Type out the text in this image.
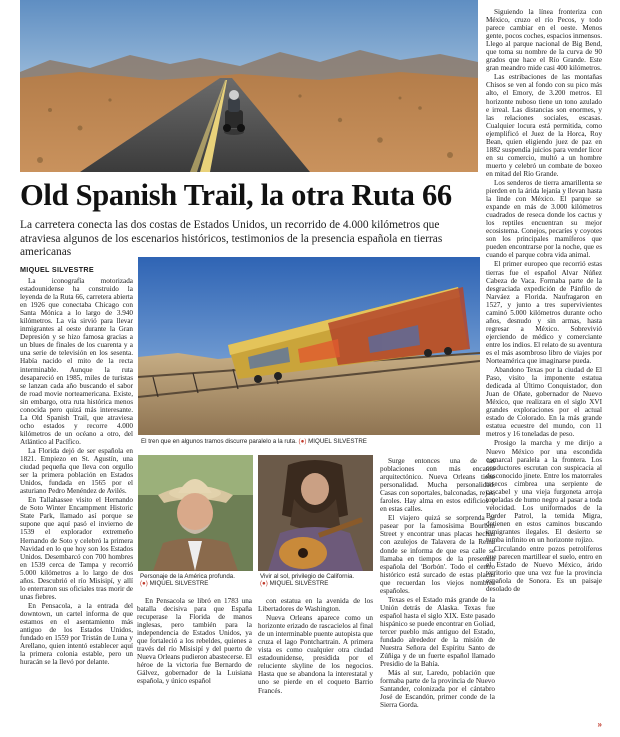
Old Spanish Trail, la otra Ruta 66

La carretera conecta las dos costas de Estados Unidos, un recorrido de 4.000 kilómetros que atraviesa algunos de los escenarios históricos, testimonios de la presencia española en tierras americanas

MIQUEL SILVESTRE

La iconografía motorizada estadounidense ha construido la leyenda de la Ruta 66, carretera abierta en 1926 que conectaba Chicago con Santa Mónica a lo largo de 3.940 kilómetros. La vía sirvió para llevar inmigrantes al oeste durante la Gran Depresión y se hizo famosa gracias a un blues de finales de los cuarenta y a una serie de televisión en los sesenta. Había nacido el mito de la recta interminable. Aunque la ruta desapareció en 1985, miles de turistas se lanzan cada año buscando el sabor de road movie norteamericana. Existe, sin embargo, otra ruta histórica menos conocida pero quizá más interesante. La Old Spanish Trail, que atraviesa ocho estados y recorre 4.000 kilómetros de un océano a otro, del Atlántico al Pacífico.

La Florida dejó de ser española en 1821. Empiezo en St. Agustín, una ciudad pequeña que lleva con orgullo ser la primera población en Estados Unidos, fundada en 1565 por el asturiano Pedro Menéndez de Avilés.

En Tallahassee visito el Hernando de Soto Winter Encampment Historic State Park, llamado así porque se supone que aquí pasó el invierno de 1539 el explorador extremeño Hernando de Soto y celebró la primera Navidad en lo que hoy son los Estados Unidos. Desembarcó con 700 hombres en 1539 cerca de Tampa y recorrió 5.000 kilómetros a lo largo de dos años. Descubrió el río Misisipí, y allí lo enterraron sus oficiales tras morir de unas fiebres.

En Pensacola, a la entrada del downtown, un cartel informa de que estamos en el asentamiento más antiguo de los Estados Unidos, fundado en 1559 por Tristán de Luna y Arellano, quien intentó establecer aquí la primera colonia estable, pero un huracán se la llevó por delante.

El tren que en algunos tramos discurre paralelo a la ruta. (●) MIQUEL SILVESTRE
Personaje de la América profunda.
(●) MIQUEL SILVESTRE
Vivir al sol, privilegio de California.
(●) MIQUEL SILVESTRE

En Pensacola se libró en 1783 una batalla decisiva para que España recuperase la Florida de manos inglesas, pero también para la independencia de Estados Unidos, ya que fortaleció a los rebeldes, quienes a través del río Misisipí y del puerto de Nueva Orleans pudieron abastecerse. El héroe de la victoria fue Bernardo de Gálvez, gobernador de la Luisiana española, y único español

con estatua en la avenida de los Libertadores de Washington.

Nueva Orleans aparece como un horizonte erizado de rascacielos al final de un interminable puente autopista que cruza el lago Pontchartrain. A primera vista es como cualquier otra ciudad estadounidense, presidida por el reluciente skyline de los negocios. Hasta que se abandona la interestatal y uno se pierde en el coqueto Barrio Francés.

Surge entonces una de las poblaciones con más encanto arquitectónico. Nueva Orleans tiene personalidad. Mucha personalidad. Casas con soportales, balconadas, rejas, faroles. Hay alma en estos edificios y en estas calles.

El viajero quizá se sorprenda al pasear por la famosísima Bourbon Street y encontrar unas placas hechas con azulejos de Talavera de la Reina donde se informa de que esa calle se llamaba en tiempos de la presencia española del 'Borbón'. Todo el centro histórico está surcado de estas placas que recuerdan los viejos nombres españoles.

Texas es el Estado más grande de la Unión detrás de Alaska. Texas fue español hasta el siglo XIX. Este pasado hispánico se puede encontrar en Goliad, tercer pueblo más antiguo del Estado, fundado alrededor de la misión de Nuestra Señora del Espíritu Santo de Zúñiga y de un fuerte español llamado Presidio de la Bahía.

Más al sur, Laredo, población que formaba parte de la provincia de Nuevo Santander, colonizada por el cántabro José de Escandón, primer conde de la Sierra Gorda.

Siguiendo la línea fronteriza con México, cruzo el río Pecos, y todo parece cambiar en el oeste. Menos gente, pocos coches, espacios inmensos. Llego al parque nacional de Big Bend, que toma su nombre de la curva de 90 grados que hace el Río Grande. Este gran meandro mide casi 400 kilómetros.

Las estribaciones de las montañas Chisos se ven al fondo con su pico más alto, el Emory, de 3.200 metros. El horizonte nuboso tiene un tono azulado e irreal. Las distancias son enormes, y las relaciones sociales, escasas. Cualquier locura está permitida, como ejemplificó el Juez de la Horca, Roy Bean, quien eligiendo juez de paz en 1882 suspendía juicios para vender licor en su comercio, multó a un hombre muerto y celebró un combate de boxeo en mitad del Río Grande.

Los senderos de tierra amarillenta se pierden en la árida lejanía y llevan hasta la linde con México. El parque se expande en más de 3.000 kilómetros cuadrados de reseca donde los cactus y los reptiles encuentran su mejor ecosistema. Conejos, pecaríes y coyotes son los principales mamíferos que pueden encontrarse por la noche, que es cuando el parque cobra vida animal.

El primer europeo que recorrió estas tierras fue el español Alvar Núñez Cabeza de Vaca. Formaba parte de la desgraciada expedición de Pánfilo de Narváez a Florida. Naufragaron en 1527, y junto a tres supervivientes caminó 5.000 kilómetros durante ocho años, desnudo y sin armas, hasta regresar a México. Sobrevivió ejerciendo de médico y comerciante entre los indios. El relato de su aventura es el más asombroso libro de viajes por Norteamérica que imaginarse pueda.

Abandono Texas por la ciudad de El Paso, visito la imponente estatua dedicada al Último Conquistador, don Juan de Oñate, gobernador de Nuevo México, que realizara en el siglo XVI grandes exploraciones por el actual estado de Colorado. En la más grande estatua ecuestre del mundo, con 11 metros y 16 toneladas de peso.

Prosigo la marcha y me dirijo a Nuevo México por una escondida comarcal paralela a la frontera. Los conductores escrutan con suspicacia al desconocido jinete. Entre los matorrales resecos cimbrea una serpiente de cascabel y una vieja furgoneta arroja toneladas de humo negro al pasar a toda velocidad. Los uniformados de la Border Patrol, la temida Migra, detienen en estos caminos buscando inmigrantes ilegales. El desierto se tumba infinito en un horizonte rojizo.

Circulando entre pozos petrolíferos que parecen martillear el suelo, entro en el Estado de Nuevo México, árido territorio que una vez fue la provincia española de Sonora. Es un paisaje desolado de

»
